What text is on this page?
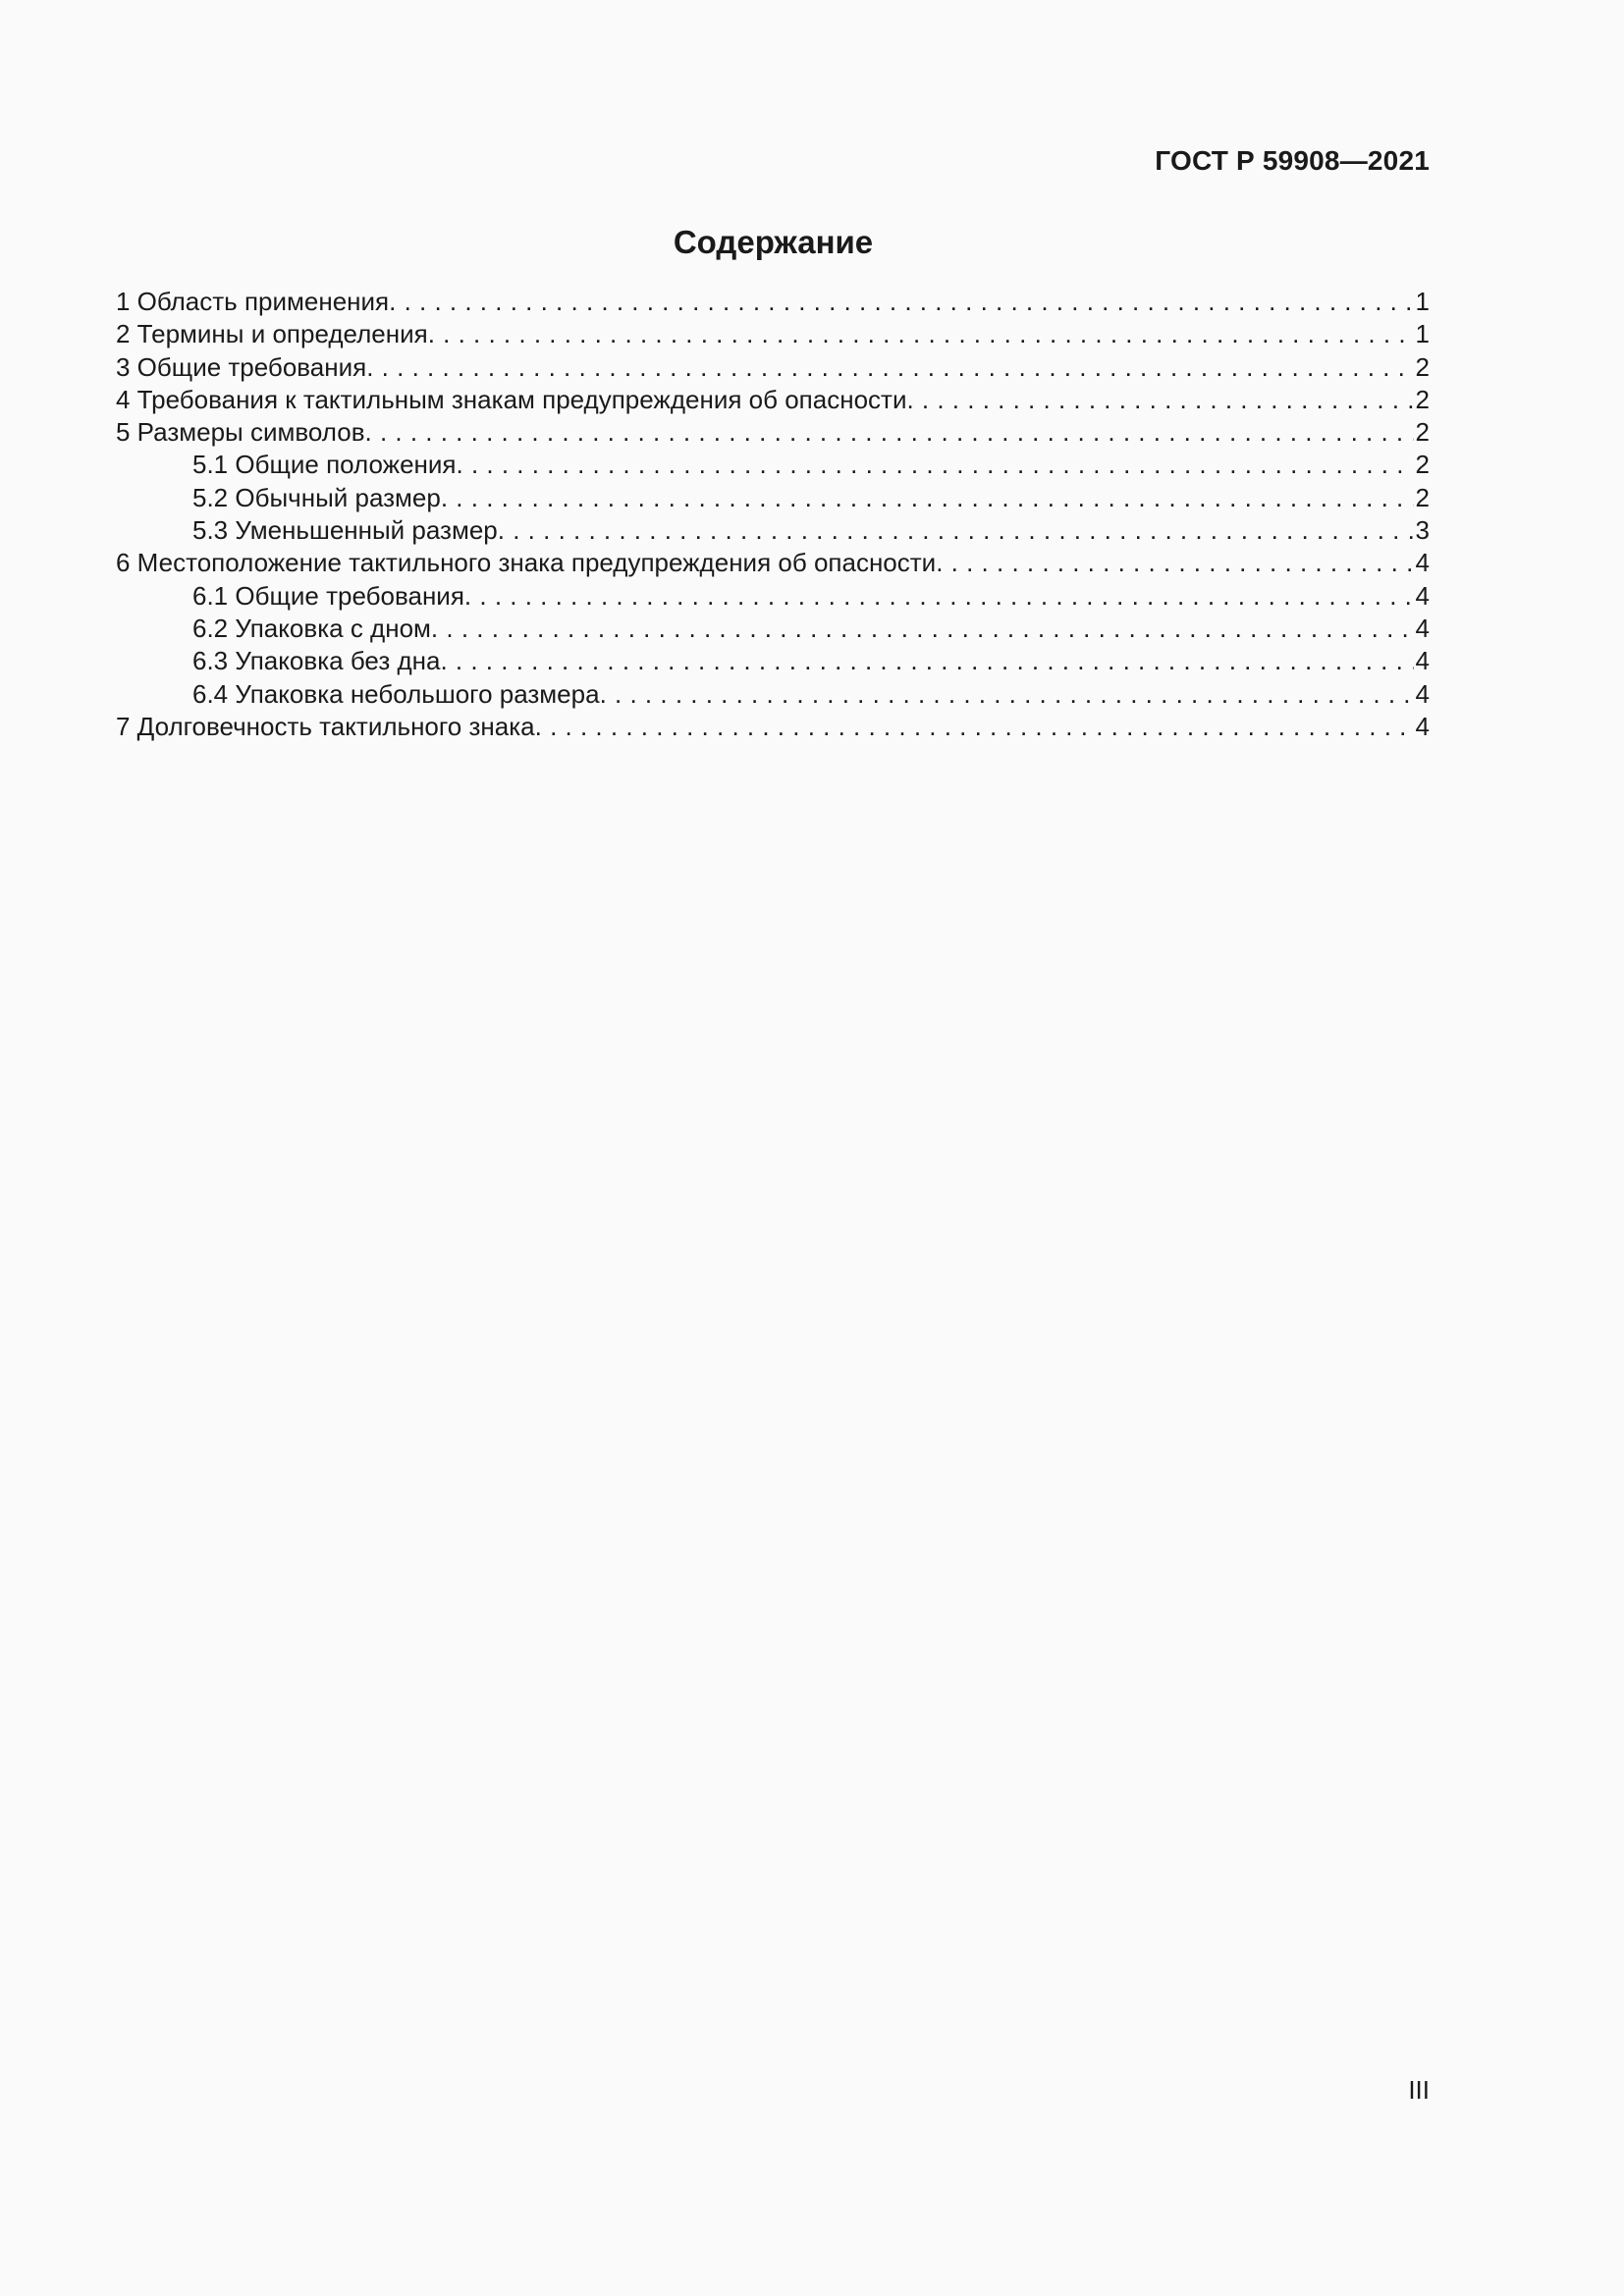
ГОСТ Р 59908—2021
Содержание
1 Область применения . . .	1
2 Термины и определения . . .	1
3 Общие требования . . .	2
4 Требования к тактильным знакам предупреждения об опасности . . .	2
5 Размеры символов . . .	2
5.1 Общие положения . . .	2
5.2 Обычный размер . . .	2
5.3 Уменьшенный размер . . .	3
6 Местоположение тактильного знака предупреждения об опасности . . .	4
6.1 Общие требования . . .	4
6.2 Упаковка с дном . . .	4
6.3 Упаковка без дна . . .	4
6.4 Упаковка небольшого размера . . .	4
7 Долговечность тактильного знака . . .	4
III
